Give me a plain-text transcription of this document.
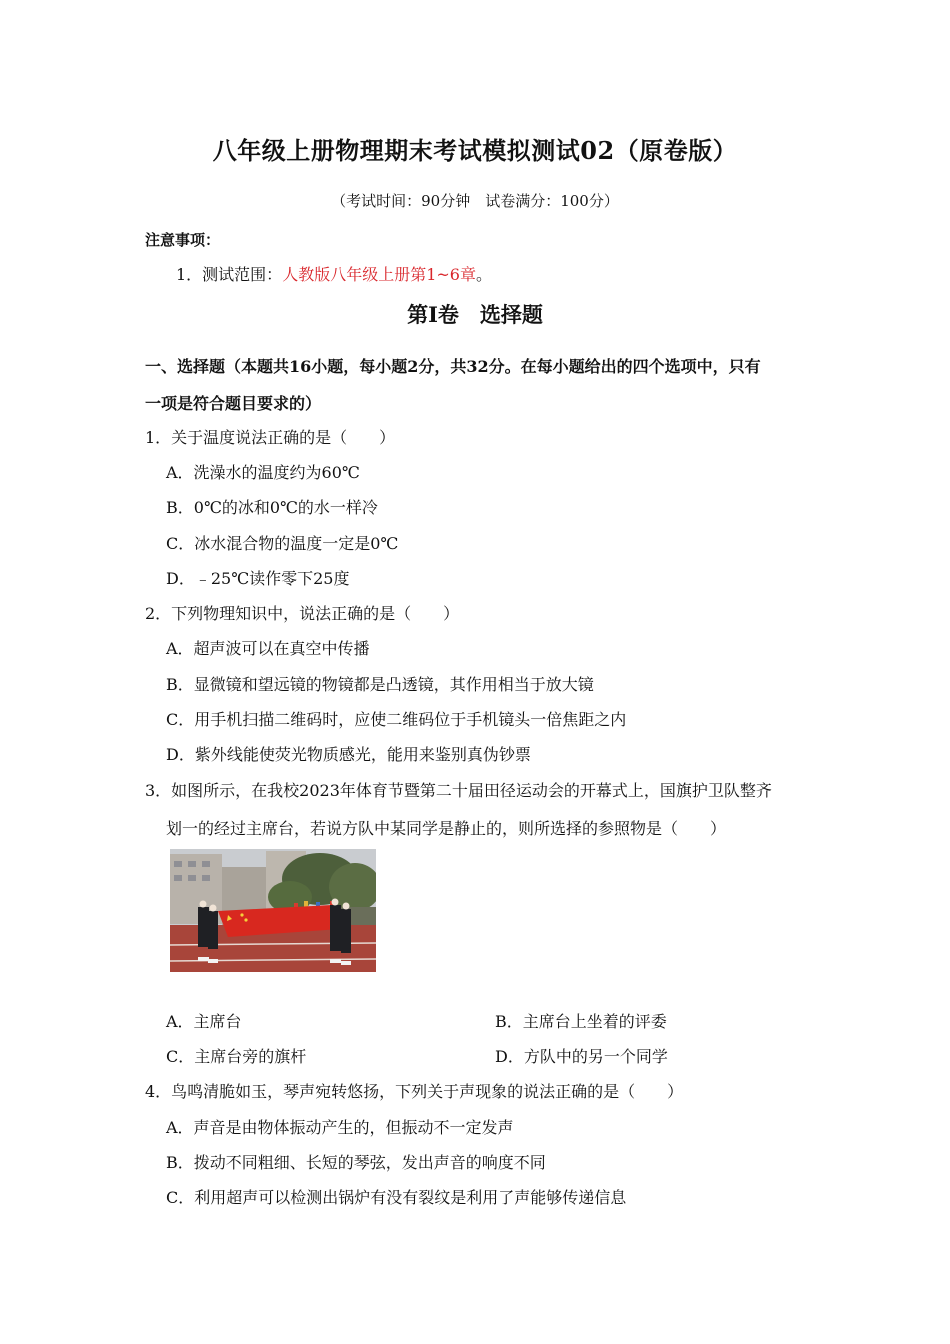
八年级上册物理期末考试模拟测试02（原卷版）
（考试时间：90分钟　试卷满分：100分）
注意事项：
1．测试范围：人教版八年级上册第1~6章。
第Ⅰ卷　选择题
一、选择题（本题共16小题，每小题2分，共32分。在每小题给出的四个选项中，只有
一项是符合题目要求的）
1．关于温度说法正确的是（　　）
A．洗澡水的温度约为60℃
B．0℃的冰和0℃的水一样冷
C．冰水混合物的温度一定是0℃
D．﹣25℃读作零下25度
2．下列物理知识中，说法正确的是（　　）
A．超声波可以在真空中传播
B．显微镜和望远镜的物镜都是凸透镜，其作用相当于放大镜
C．用手机扫描二维码时，应使二维码位于手机镜头一倍焦距之内
D．紫外线能使荧光物质感光，能用来鉴别真伪钞票
3．如图所示，在我校2023年体育节暨第二十届田径运动会的开幕式上，国旗护卫队整齐
划一的经过主席台，若说方队中某同学是静止的，则所选择的参照物是（　　）
A．主席台	B．主席台上坐着的评委
C．主席台旁的旗杆	D．方队中的另一个同学
4．鸟鸣清脆如玉，琴声宛转悠扬，下列关于声现象的说法正确的是（　　）
A．声音是由物体振动产生的，但振动不一定发声
B．拨动不同粗细、长短的琴弦，发出声音的响度不同
C．利用超声可以检测出锅炉有没有裂纹是利用了声能够传递信息
